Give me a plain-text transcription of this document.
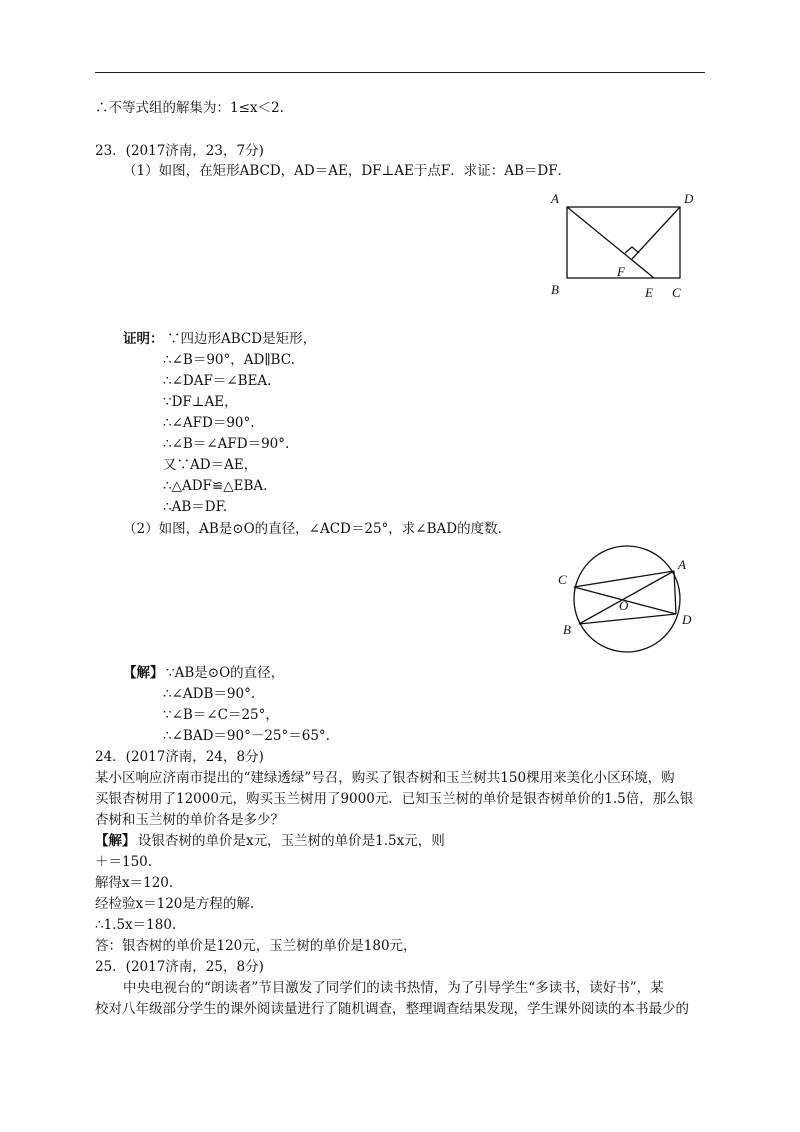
∴不等式组的解集为：1≤x＜2.
23．(2017济南，23，7分)
（1）如图，在矩形ABCD，AD＝AE，DF⊥AE于点F．求证：AB＝DF．
A	D
B	E C
F
证明： ∵四边形ABCD是矩形，
∴∠B＝90°，AD∥BC.
∴∠DAF＝∠BEA.
∵DF⊥AE，
∴∠AFD＝90°.
∴∠B＝∠AFD＝90°.
又∵AD＝AE，
∴△ADF≌△EBA.
∴AB＝DF.
（2）如图，AB是⊙O的直径，∠ACD＝25°，求∠BAD的度数．
A
C
O
B
D
【解】 ∵AB是⊙O的直径，
∴∠ADB＝90°.
∵∠B＝∠C＝25°，
∴∠BAD＝90°－25°＝65°.
24．(2017济南，24，8分)
某小区响应济南市提出的“建绿透绿”号召，购买了银杏树和玉兰树共150棵用来美化小区环境，购
买银杏树用了12000元，购买玉兰树用了9000元．已知玉兰树的单价是银杏树单价的1.5倍，那么银
杏树和玉兰树的单价各是多少？
【解】 设银杏树的单价是x元，玉兰树的单价是1.5x元，则
＋＝150.
解得x＝120.
经检验x＝120是方程的解.
∴1.5x＝180.
答：银杏树的单价是120元，玉兰树的单价是180元，
25．(2017济南，25，8分)
中央电视台的“朗读者”节目激发了同学们的读书热情，为了引导学生“多读书，读好书”，某
校对八年级部分学生的课外阅读量进行了随机调查，整理调查结果发现，学生课外阅读的本书最少的
